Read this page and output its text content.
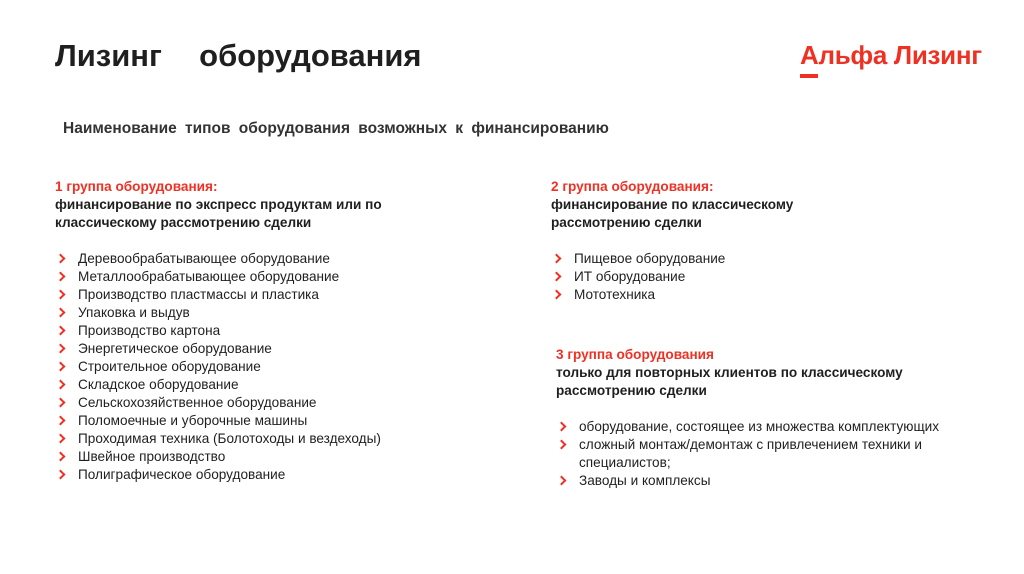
Лизинг  оборудования	Альфа Лизинг
Наименование типов оборудования возможных к финансированию
1 группа оборудования:
финансирование по экспресс продуктам или по классическому рассмотрению сделки
Деревообрабатывающее оборудование
Металлообрабатывающее оборудование
Производство пластмассы и пластика
Упаковка и выдув
Производство картона
Энергетическое оборудование
Строительное оборудование
Складское оборудование
Сельскохозяйственное оборудование
Поломоечные и уборочные машины
Проходимая техника (Болотоходы и вездеходы)
Швейное производство
Полиграфическое оборудование
2 группа оборудования:
финансирование по классическому рассмотрению сделки
Пищевое оборудование
ИТ оборудование
Мототехника
3 группа оборудования
только для повторных клиентов по классическому рассмотрению сделки
оборудование, состоящее из множества комплектующих
сложный монтаж/демонтаж с привлечением техники и специалистов;
Заводы и комплексы
